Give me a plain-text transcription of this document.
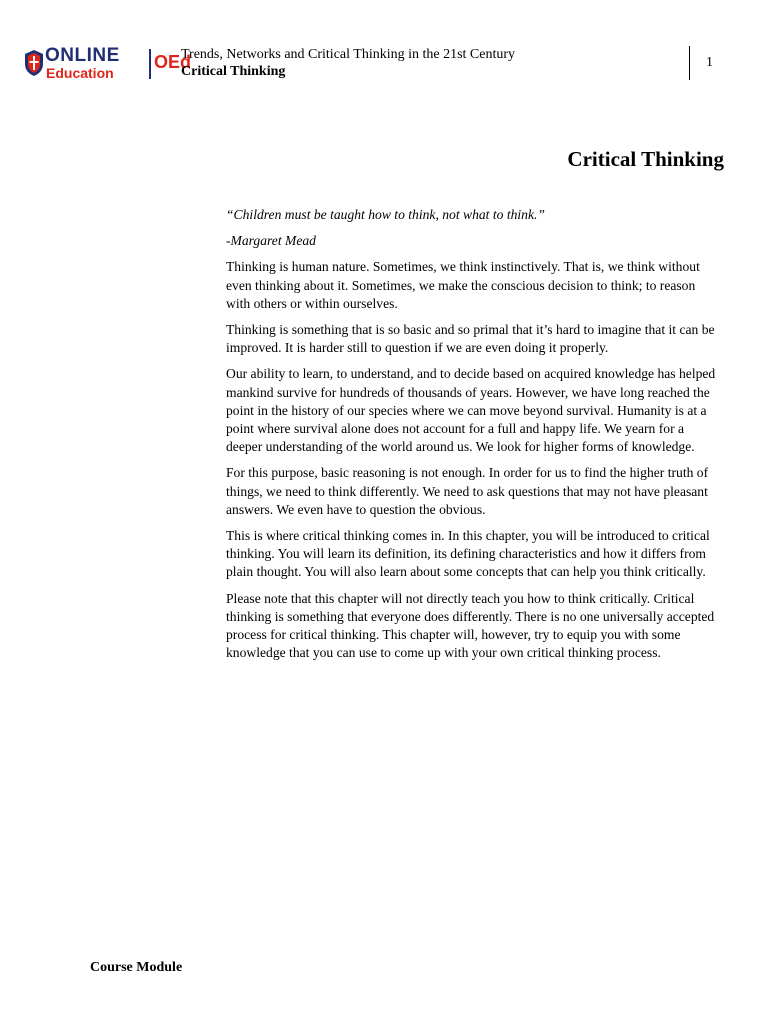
ONLINE
Education
OEd
Trends, Networks and Critical Thinking in the 21st Century
Critical Thinking
1
Critical Thinking

“Children must be taught how to think, not what to think.”

-Margaret Mead

Thinking is human nature. Sometimes, we think instinctively. That is, we think without even thinking about it. Sometimes, we make the conscious decision to think; to reason with others or within ourselves.

Thinking is something that is so basic and so primal that it’s hard to imagine that it can be improved. It is harder still to question if we are even doing it properly.

Our ability to learn, to understand, and to decide based on acquired knowledge has helped mankind survive for hundreds of thousands of years. However, we have long reached the point in the history of our species where we can move beyond survival. Humanity is at a point where survival alone does not account for a full and happy life. We yearn for a deeper understanding of the world around us. We look for higher forms of knowledge.

For this purpose, basic reasoning is not enough. In order for us to find the higher truth of things, we need to think differently. We need to ask questions that may not have pleasant answers. We even have to question the obvious.

This is where critical thinking comes in. In this chapter, you will be introduced to critical thinking. You will learn its definition, its defining characteristics and how it differs from plain thought. You will also learn about some concepts that can help you think critically.

Please note that this chapter will not directly teach you how to think critically. Critical thinking is something that everyone does differently. There is no one universally accepted process for critical thinking. This chapter will, however, try to equip you with some knowledge that you can use to come up with your own critical thinking process.

Course Module
